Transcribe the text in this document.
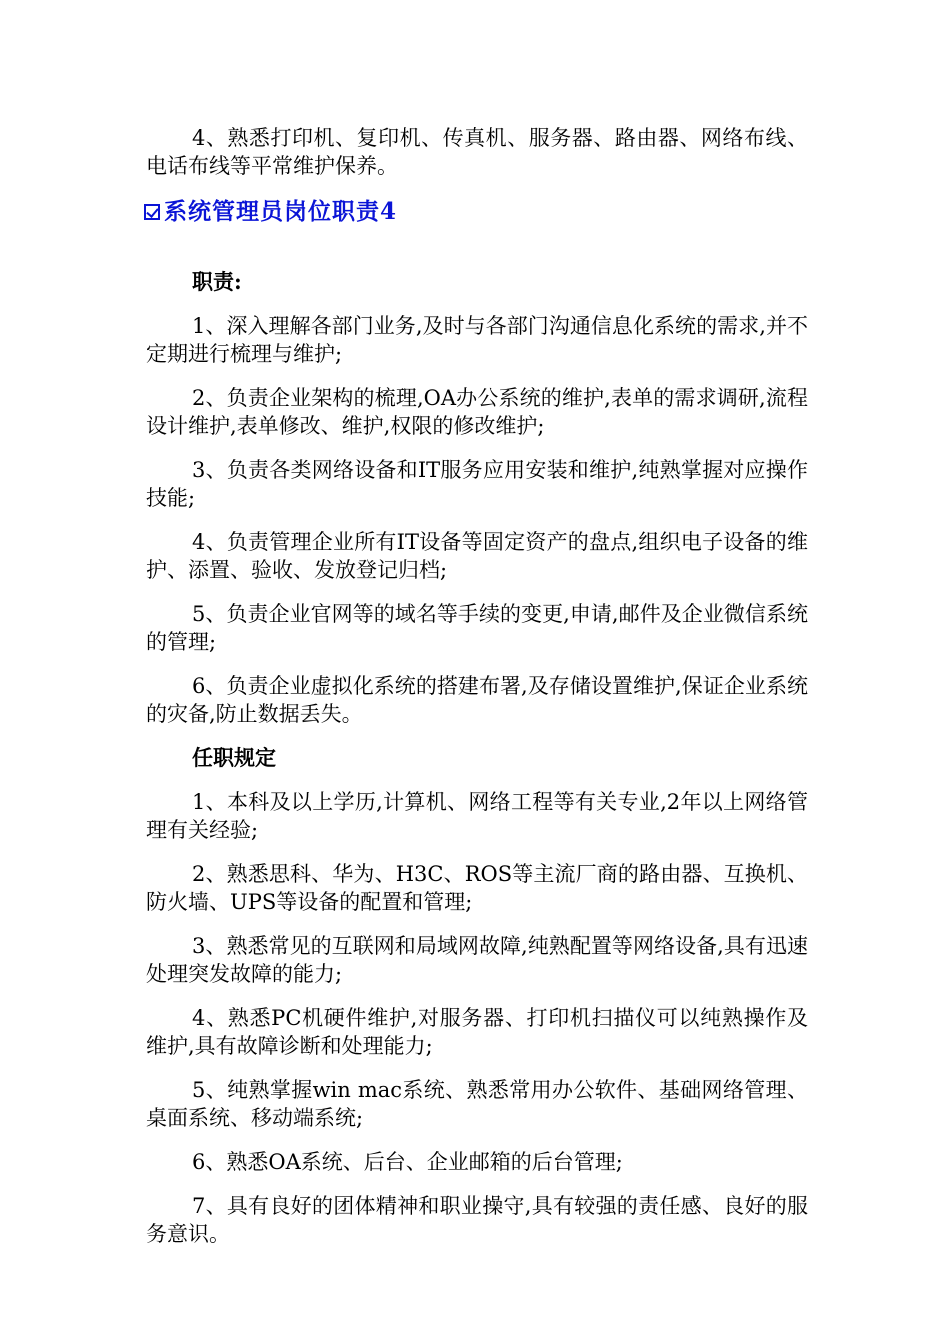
4、熟悉打印机、复印机、传真机、服务器、路由器、网络布线、电话布线等平常维护保养。

系统管理员岗位职责4

职责:

1、深入理解各部门业务,及时与各部门沟通信息化系统的需求,并不定期进行梳理与维护;

2、负责企业架构的梳理,OA办公系统的维护,表单的需求调研,流程设计维护,表单修改、维护,权限的修改维护;

3、负责各类网络设备和IT服务应用安装和维护,纯熟掌握对应操作技能;

4、负责管理企业所有IT设备等固定资产的盘点,组织电子设备的维护、添置、验收、发放登记归档;

5、负责企业官网等的域名等手续的变更,申请,邮件及企业微信系统的管理;

6、负责企业虚拟化系统的搭建布署,及存储设置维护,保证企业系统的灾备,防止数据丢失。

任职规定

1、本科及以上学历,计算机、网络工程等有关专业,2年以上网络管理有关经验;

2、熟悉思科、华为、H3C、ROS等主流厂商的路由器、互换机、防火墙、UPS等设备的配置和管理;

3、熟悉常见的互联网和局域网故障,纯熟配置等网络设备,具有迅速处理突发故障的能力;

4、熟悉PC机硬件维护,对服务器、打印机扫描仪可以纯熟操作及维护,具有故障诊断和处理能力;

5、纯熟掌握win mac系统、熟悉常用办公软件、基础网络管理、桌面系统、移动端系统;

6、熟悉OA系统、后台、企业邮箱的后台管理;

7、具有良好的团体精神和职业操守,具有较强的责任感、良好的服务意识。
